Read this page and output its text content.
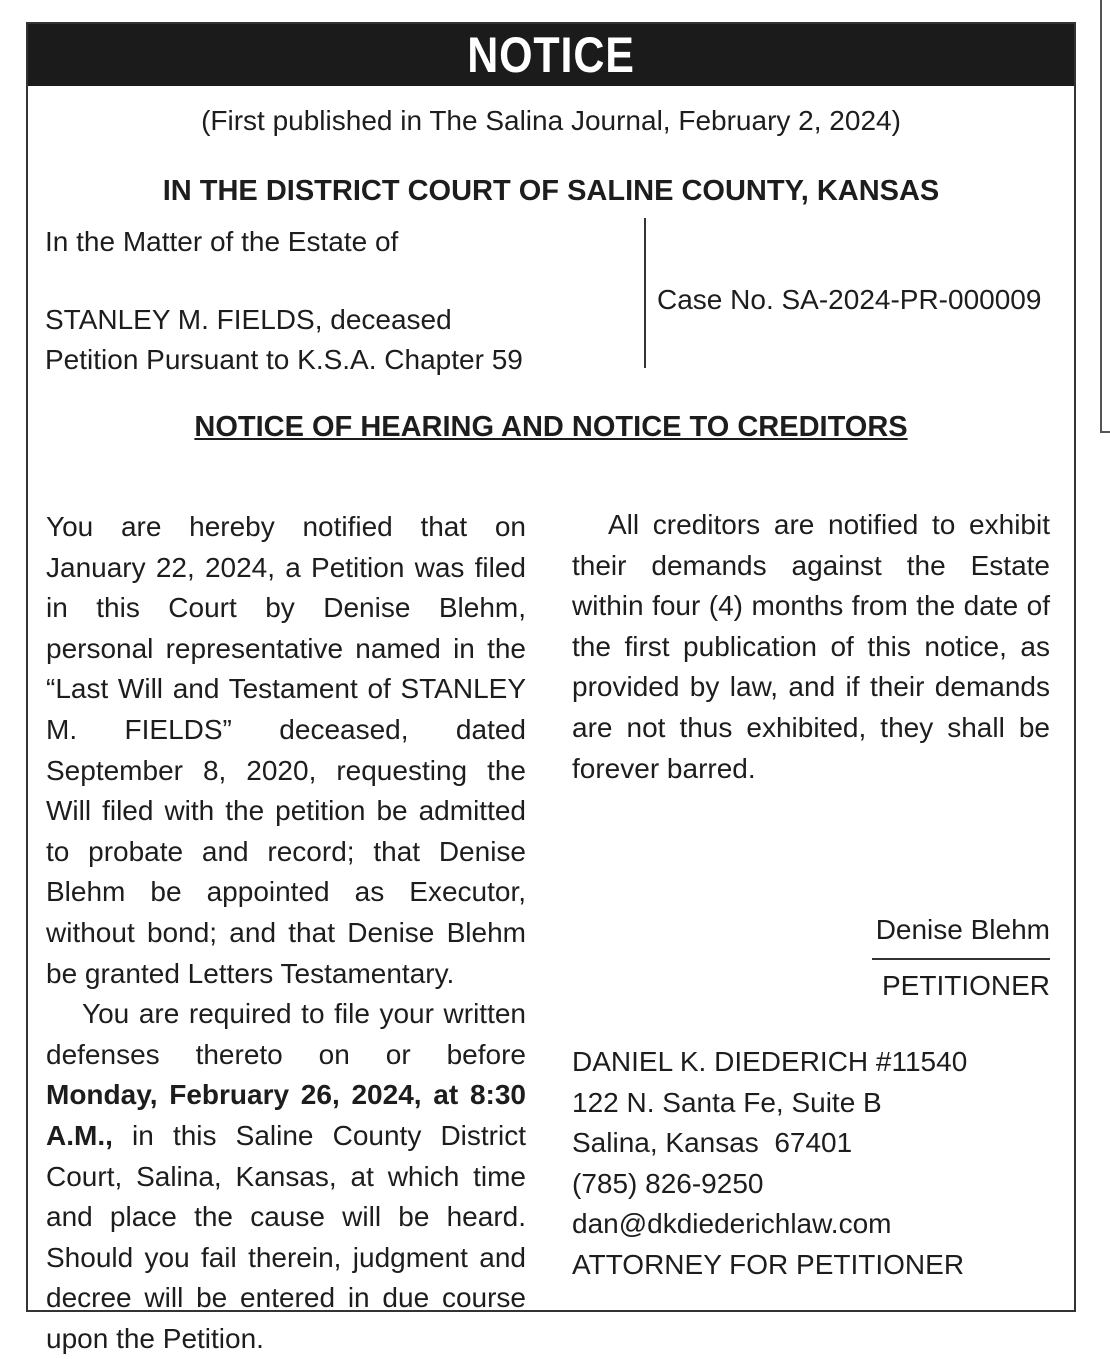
NOTICE
(First published in The Salina Journal, February 2, 2024)
IN THE DISTRICT COURT OF SALINE COUNTY, KANSAS
In the Matter of the Estate of
STANLEY M. FIELDS, deceased
Petition Pursuant to K.S.A. Chapter 59
Case No. SA-2024-PR-000009
NOTICE OF HEARING AND NOTICE TO CREDITORS

You are hereby notified that on January 22, 2024, a Petition was filed in this Court by Denise Blehm, personal representative named in the “Last Will and Testament of STANLEY M. FIELDS” deceased, dated September 8, 2020, requesting the Will filed with the petition be admitted to probate and record; that Denise Blehm be appointed as Executor, without bond; and that Denise Blehm be granted Letters Testamentary.

You are required to file your written defenses thereto on or before Monday, February 26, 2024, at 8:30 A.M., in this Saline County District Court, Salina, Kansas, at which time and place the cause will be heard. Should you fail therein, judgment and decree will be entered in due course upon the Petition.

All creditors are notified to exhibit their demands against the Estate within four (4) months from the date of the first publication of this notice, as provided by law, and if their demands are not thus exhibited, they shall be forever barred.

Denise Blehm
PETITIONER
DANIEL K. DIEDERICH #11540
122 N. Santa Fe, Suite B
Salina, Kansas  67401
(785) 826-9250
dan@dkdiederichlaw.com
ATTORNEY FOR PETITIONER
